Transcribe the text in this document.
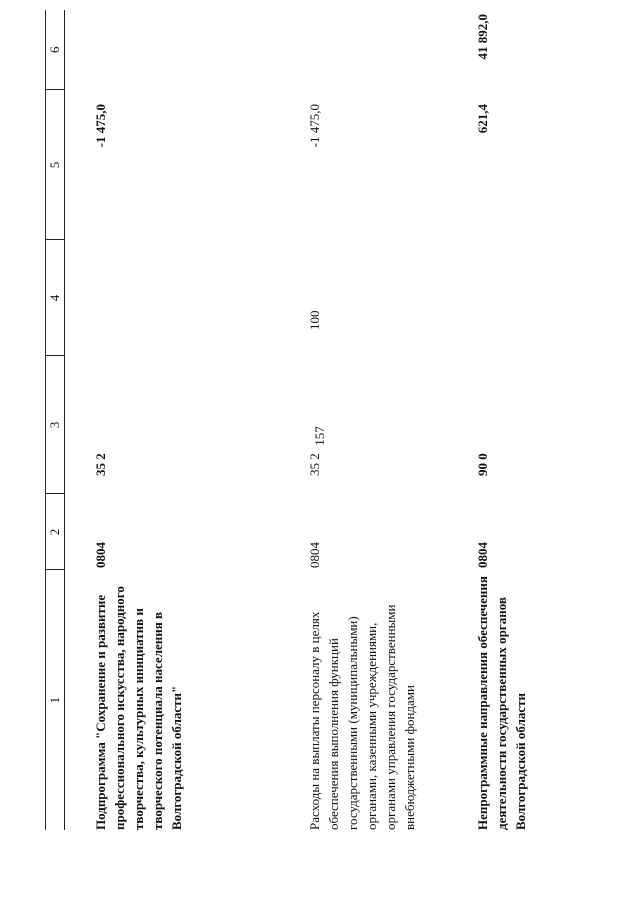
157
1	2	3	4	5	6
Подпрограмма "Сохранение и развитие профессионального искусства, народного творчества, культурных инициатив и творческого потенциала населения в Волгоградской области"	0804	35 2		-1 475,0	
Расходы на выплаты персоналу в целях обеспечения выполнения функций государственными (муниципальными) органами, казенными учреждениями, органами управления государственными внебюджетными фондами	0804	35 2	100	-1 475,0	
Непрограммные направления обеспечения деятельности государственных органов Волгоградской области	0804	90 0		621,4	41 892,0
